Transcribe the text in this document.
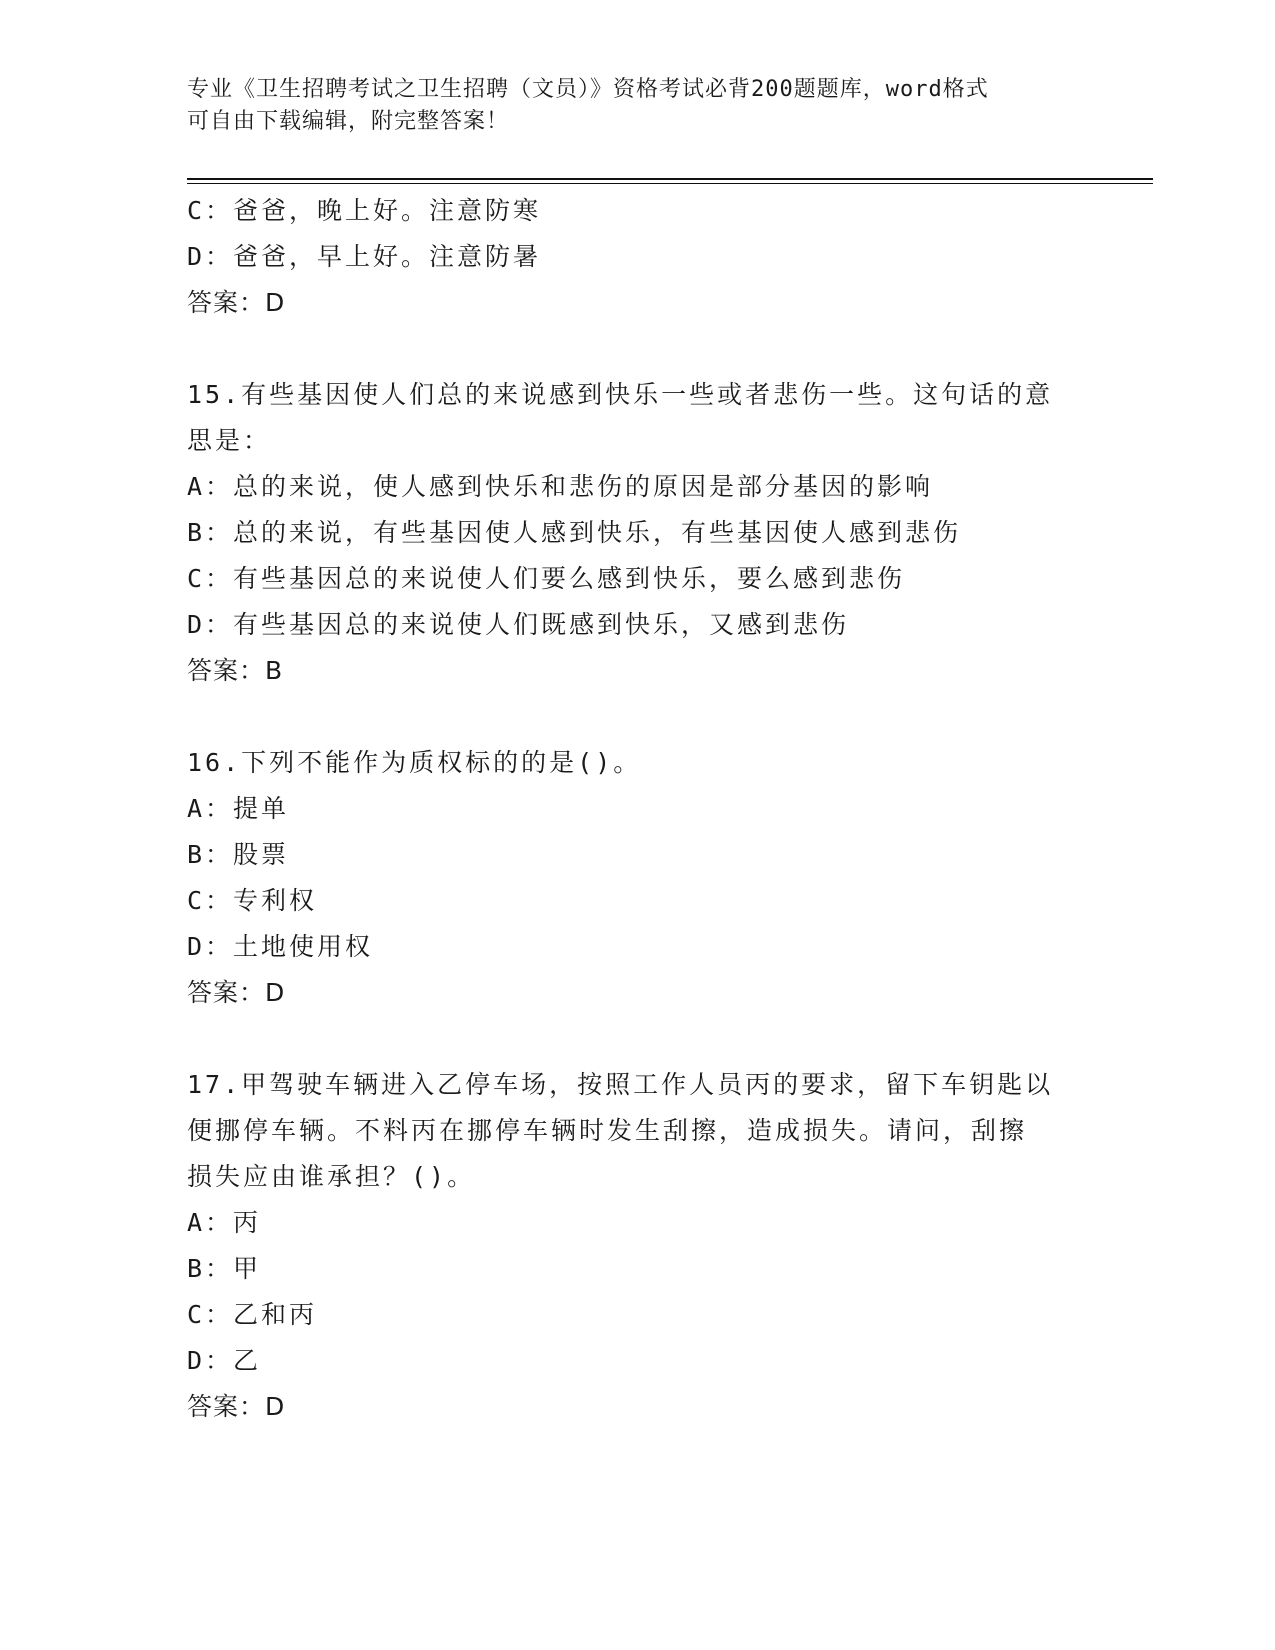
专业《卫生招聘考试之卫生招聘（文员）》资格考试必背200题题库，word格式
可自由下载编辑，附完整答案！
C：爸爸，晚上好。注意防寒
D：爸爸，早上好。注意防暑
答案：D
15.有些基因使人们总的来说感到快乐一些或者悲伤一些。这句话的意
思是：
A：总的来说，使人感到快乐和悲伤的原因是部分基因的影响
B：总的来说，有些基因使人感到快乐，有些基因使人感到悲伤
C：有些基因总的来说使人们要么感到快乐，要么感到悲伤
D：有些基因总的来说使人们既感到快乐，又感到悲伤
答案：B
16.下列不能作为质权标的的是()。
A：提单
B：股票
C：专利权
D：土地使用权
答案：D
17.甲驾驶车辆进入乙停车场，按照工作人员丙的要求，留下车钥匙以
便挪停车辆。不料丙在挪停车辆时发生刮擦，造成损失。请问，刮擦
损失应由谁承担？()。
A：丙
B：甲
C：乙和丙
D：乙
答案：D
